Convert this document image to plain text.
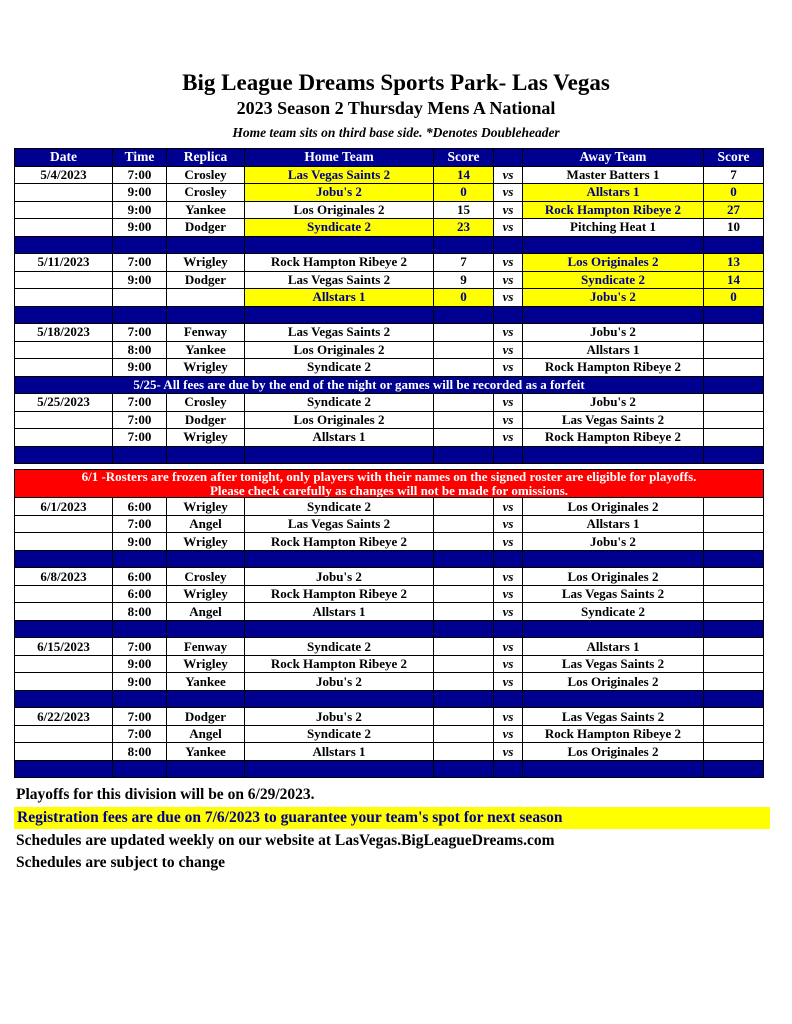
Big League Dreams Sports Park- Las Vegas
2023 Season 2 Thursday Mens A National
Home team sits on third base side. *Denotes Doubleheader
Date	Time	Replica	Home Team	Score		Away Team	Score
5/4/2023	7:00	Crosley	Las Vegas Saints 2	14	vs	Master Batters 1	7
	9:00	Crosley	Jobu's 2	0	vs	Allstars 1	0
	9:00	Yankee	Los Originales 2	15	vs	Rock Hampton Ribeye 2	27
	9:00	Dodger	Syndicate 2	23	vs	Pitching Heat 1	10

5/11/2023	7:00	Wrigley	Rock Hampton Ribeye 2	7	vs	Los Originales 2	13
	9:00	Dodger	Las Vegas Saints 2	9	vs	Syndicate 2	14
			Allstars 1	0	vs	Jobu's 2	0

5/18/2023	7:00	Fenway	Las Vegas Saints 2		vs	Jobu's 2	
	8:00	Yankee	Los Originales 2		vs	Allstars 1	
	9:00	Wrigley	Syndicate 2		vs	Rock Hampton Ribeye 2	
5/25- All fees are due by the end of the night or games will be recorded as a forfeit							
5/25/2023	7:00	Crosley	Syndicate 2		vs	Jobu's 2	
	7:00	Dodger	Los Originales 2		vs	Las Vegas Saints 2	
	7:00	Wrigley	Allstars 1		vs	Rock Hampton Ribeye 2	

6/1 -Rosters are frozen after tonight, only players with their names on the signed roster are eligible for playoffs.
Please check carefully as changes will not be made for omissions.							

6/1/2023	6:00	Wrigley	Syndicate 2		vs	Los Originales 2	
	7:00	Angel	Las Vegas Saints 2		vs	Allstars 1	
	9:00	Wrigley	Rock Hampton Ribeye 2		vs	Jobu's 2	

6/8/2023	6:00	Crosley	Jobu's 2		vs	Los Originales 2	
	6:00	Wrigley	Rock Hampton Ribeye 2		vs	Las Vegas Saints 2	
	8:00	Angel	Allstars 1		vs	Syndicate 2	

6/15/2023	7:00	Fenway	Syndicate 2		vs	Allstars 1	
	9:00	Wrigley	Rock Hampton Ribeye 2		vs	Las Vegas Saints 2	
	9:00	Yankee	Jobu's 2		vs	Los Originales 2	

6/22/2023	7:00	Dodger	Jobu's 2		vs	Las Vegas Saints 2	
	7:00	Angel	Syndicate 2		vs	Rock Hampton Ribeye 2	
	8:00	Yankee	Allstars 1		vs	Los Originales 2	

Playoffs for this division will be on 6/29/2023.
Registration fees are due on 7/6/2023 to guarantee your team's spot for next season
Schedules are updated weekly on our website at LasVegas.BigLeagueDreams.com
Schedules are subject to change
